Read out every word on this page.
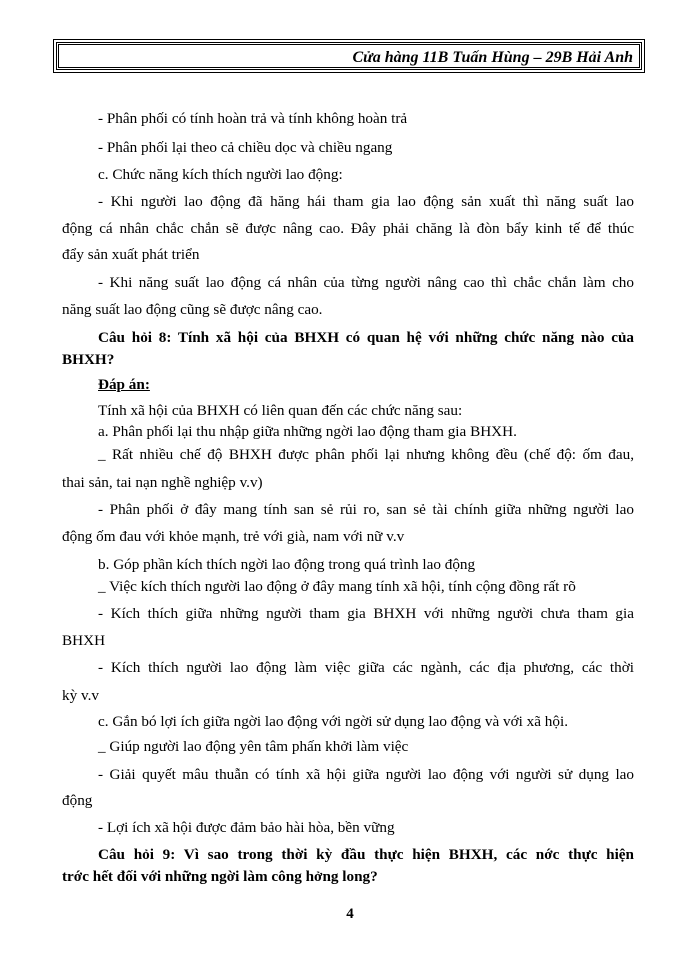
Cửa hàng 11B Tuấn Hùng – 29B Hải Anh
- Phân phối có tính hoàn trả và tính không hoàn trả
- Phân phối lại theo cả chiều dọc và chiều ngang
c. Chức năng kích thích người lao động:
- Khi người lao động đã hăng hái tham gia lao động sản xuất thì năng suất lao
động cá nhân chắc chắn sẽ được nâng cao. Đây phải chăng là đòn bẩy kinh tế để thúc
đẩy sản xuất phát triển
- Khi năng suất lao động cá nhân của từng người nâng cao thì chắc chắn làm cho
năng suất lao động cũng sẽ được nâng cao.
Câu hỏi 8: Tính xã hội của BHXH có quan hệ với những chức năng nào của
BHXH?
Đáp án:
Tính xã hội của BHXH có liên quan đến các chức năng sau:
a. Phân phối lại thu nhập giữa những ngời lao động tham gia BHXH.
_ Rất nhiều chế độ BHXH được phân phối lại nhưng không đều (chế độ: ốm đau,
thai sản, tai nạn nghề nghiệp v.v)
- Phân phối ở đây mang tính san sẻ rủi ro, san sẻ tài chính giữa những người lao
động ốm đau với khỏe mạnh, trẻ với già, nam với nữ v.v
b. Góp phần kích thích ngời lao động trong quá trình lao động
_ Việc kích thích người lao động ở đây mang tính xã hội, tính cộng đồng rất rõ
- Kích thích giữa những người tham gia BHXH với những người chưa tham gia
BHXH
- Kích thích người lao động làm việc giữa các ngành, các địa phương, các thời
kỳ v.v
c. Gắn bó lợi ích giữa ngời lao động với ngời sử dụng lao động và với xã hội.
_ Giúp người lao động yên tâm phấn khởi làm việc
- Giải quyết mâu thuẫn có tính xã hội giữa người lao động với người sử dụng lao
động
- Lợi ích xã hội được đảm bảo hài hòa, bền vững
Câu hỏi 9: Vì sao trong thời kỳ đầu thực hiện BHXH, các nớc thực hiện
trớc hết đối với những ngời làm công hởng long?
4
